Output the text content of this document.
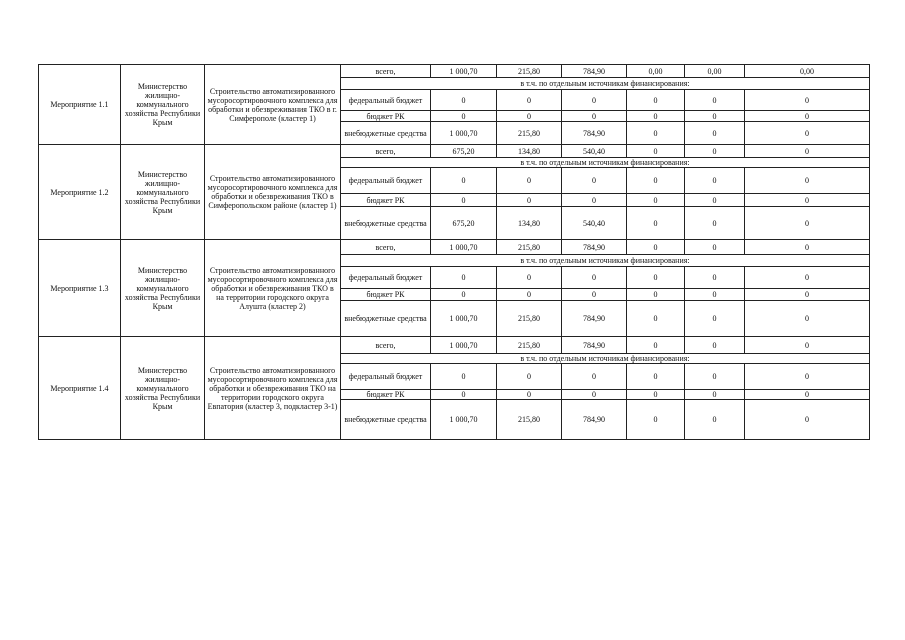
Мероприятие 1.1	Министерство жилищно-коммунального хозяйства Республики Крым	Строительство автоматизированного мусоросортировочного комплекса для обработки и обезвреживания ТКО в г. Симферополе (кластер 1)	всего,	1 000,70	215,80	784,90	0,00	0,00	0,00
			в т.ч. по отдельным источникам финансирования:						
			федеральный бюджет	0	0	0	0	0	0
			бюджет РК	0	0	0	0	0	0
			внебюджетные средства	1 000,70	215,80	784,90	0	0	0
Мероприятие 1.2	Министерство жилищно-коммунального хозяйства Республики Крым	Строительство автоматизированного мусоросортировочного комплекса для обработки и обезвреживания ТКО в Симферопольском районе (кластер 1)	всего,	675,20	134,80	540,40	0	0	0
			в т.ч. по отдельным источникам финансирования:						
			федеральный бюджет	0	0	0	0	0	0
			бюджет РК	0	0	0	0	0	0
			внебюджетные средства	675,20	134,80	540,40	0	0	0
Мероприятие 1.3	Министерство жилищно-коммунального хозяйства Республики Крым	Строительство автоматизированного мусоросортировочного комплекса для обработки и обезвреживания ТКО в на территории городского округа Алушта (кластер 2)	всего,	1 000,70	215,80	784,90	0	0	0
			в т.ч. по отдельным источникам финансирования:						
			федеральный бюджет	0	0	0	0	0	0
			бюджет РК	0	0	0	0	0	0
			внебюджетные средства	1 000,70	215,80	784,90	0	0	0
Мероприятие 1.4	Министерство жилищно-коммунального хозяйства Республики Крым	Строительство автоматизированного мусоросортировочного комплекса для обработки и обезвреживания ТКО на территории городского округа Евпатория (кластер 3, подкластер 3-1)	всего,	1 000,70	215,80	784,90	0	0	0
			в т.ч. по отдельным источникам финансирования:						
			федеральный бюджет	0	0	0	0	0	0
			бюджет РК	0	0	0	0	0	0
			внебюджетные средства	1 000,70	215,80	784,90	0	0	0
